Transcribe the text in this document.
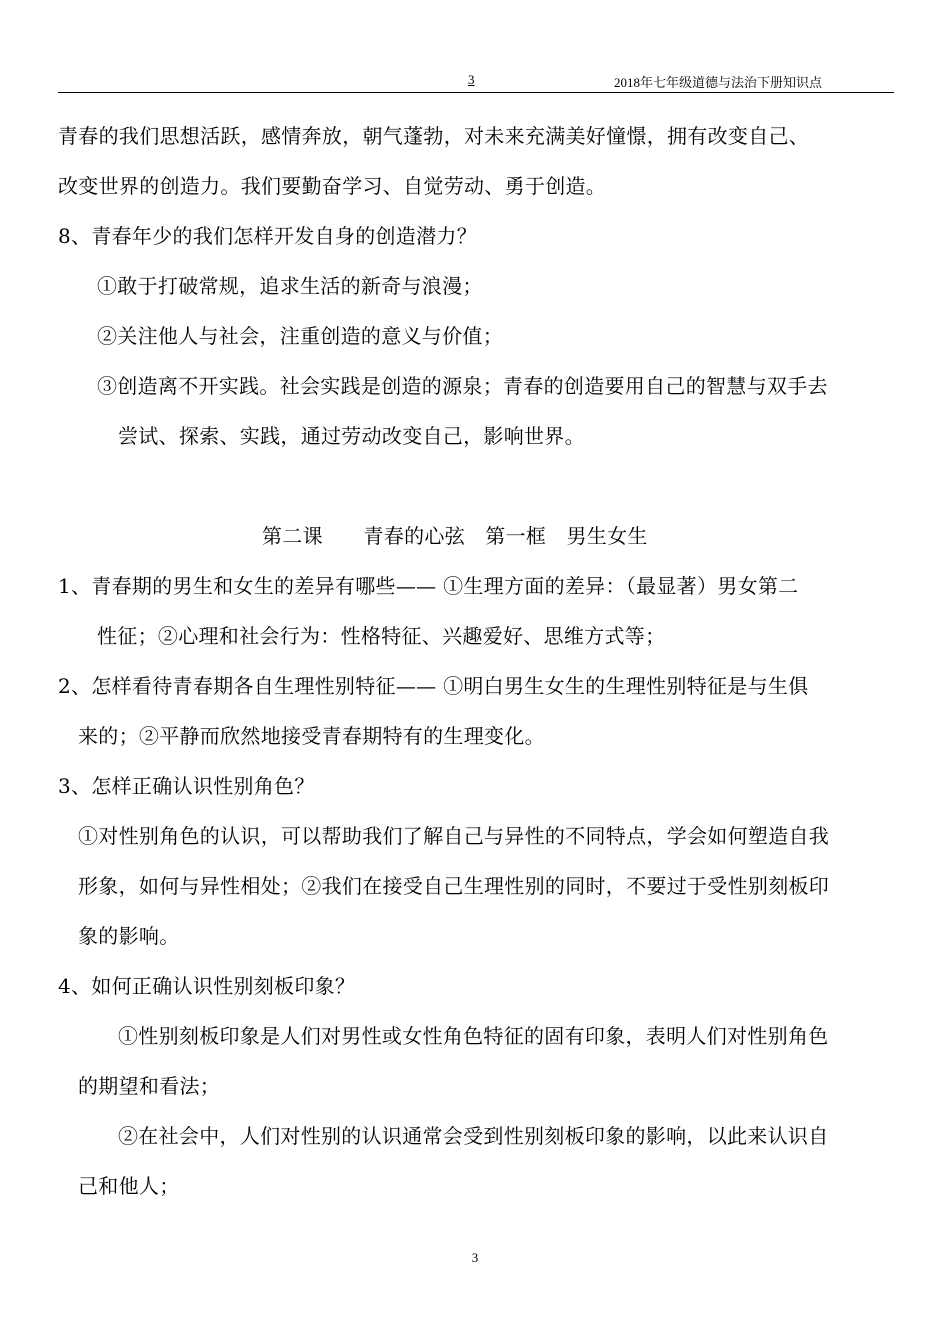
3	2018年七年级道德与法治下册知识点
青春的我们思想活跃，感情奔放，朝气蓬勃，对未来充满美好憧憬，拥有改变自己、
改变世界的创造力。我们要勤奋学习、自觉劳动、勇于创造。
8、青春年少的我们怎样开发自身的创造潜力？
①敢于打破常规，追求生活的新奇与浪漫；
②关注他人与社会，注重创造的意义与价值；
③创造离不开实践。社会实践是创造的源泉；青春的创造要用自己的智慧与双手去
尝试、探索、实践，通过劳动改变自己，影响世界。
第二课　　青春的心弦　第一框　男生女生
1、青春期的男生和女生的差异有哪些—— ①生理方面的差异：（最显著）男女第二
性征；②心理和社会行为：性格特征、兴趣爱好、思维方式等；
2、怎样看待青春期各自生理性别特征—— ①明白男生女生的生理性别特征是与生俱
来的；②平静而欣然地接受青春期特有的生理变化。
3、怎样正确认识性别角色？
①对性别角色的认识，可以帮助我们了解自己与异性的不同特点，学会如何塑造自我
形象，如何与异性相处；②我们在接受自己生理性别的同时，不要过于受性别刻板印
象的影响。
4、如何正确认识性别刻板印象？
①性别刻板印象是人们对男性或女性角色特征的固有印象，表明人们对性别角色
的期望和看法；
②在社会中，人们对性别的认识通常会受到性别刻板印象的影响，以此来认识自
己和他人；
3
